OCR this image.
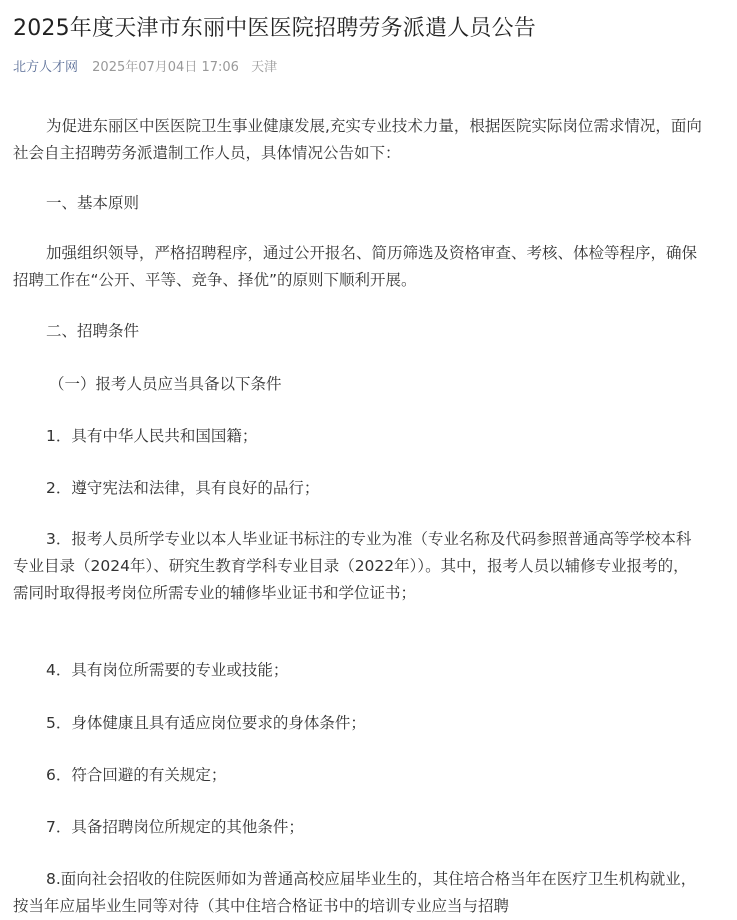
2025年度天津市东丽中医医院招聘劳务派遣人员公告
北方人才网 2025年07月04日 17:06 天津

为促进东丽区中医医院卫生事业健康发展,充实专业技术力量，根据医院实际岗位需求情况，面向社会自主招聘劳务派遣制工作人员，具体情况公告如下：

一、基本原则

加强组织领导，严格招聘程序，通过公开报名、简历筛选及资格审查、考核、体检等程序，确保招聘工作在“公开、平等、竞争、择优”的原则下顺利开展。

二、招聘条件

（一）报考人员应当具备以下条件

1．具有中华人民共和国国籍；

2．遵守宪法和法律，具有良好的品行；

3．报考人员所学专业以本人毕业证书标注的专业为准（专业名称及代码参照普通高等学校本科专业目录（2024年）、研究生教育学科专业目录（2022年））。其中，报考人员以辅修专业报考的，需同时取得报考岗位所需专业的辅修毕业证书和学位证书；

4．具有岗位所需要的专业或技能；

5．身体健康且具有适应岗位要求的身体条件；

6．符合回避的有关规定；

7．具备招聘岗位所规定的其他条件；

8.面向社会招收的住院医师如为普通高校应届毕业生的，其住培合格当年在医疗卫生机构就业，按当年应届毕业生同等对待（其中住培合格证书中的培训专业应当与招聘
